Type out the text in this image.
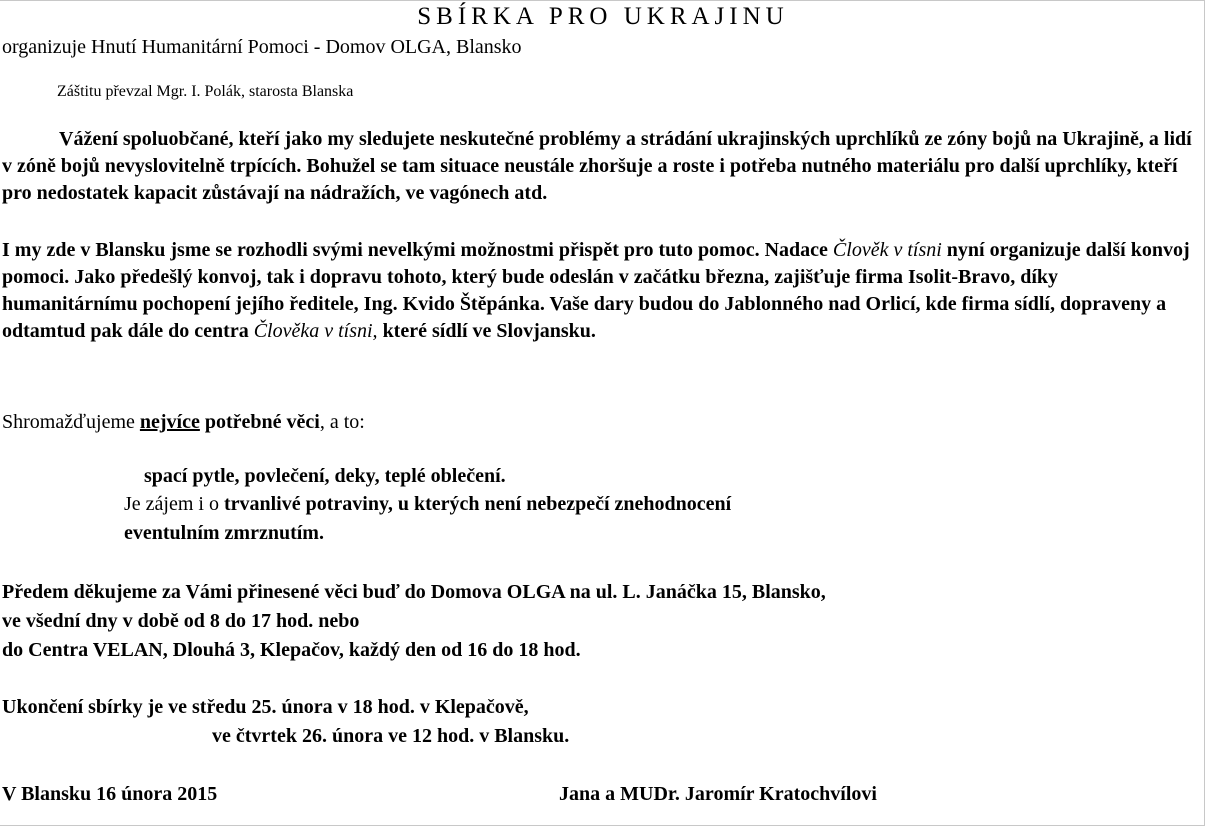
SBÍRKA PRO UKRAJINU
organizuje Hnutí Humanitární Pomoci - Domov OLGA, Blansko
Záštitu převzal Mgr. I. Polák, starosta Blanska

Vážení spoluobčané, kteří jako my sledujete neskutečné problémy a strádání ukrajinských uprchlíků ze zóny bojů na Ukrajině, a lidí v zóně bojů nevyslovitelně trpících. Bohužel se tam situace neustále zhoršuje a roste i potřeba nutného materiálu pro další uprchlíky, kteří pro nedostatek kapacit zůstávají na nádražích, ve vagónech atd.

I my zde v Blansku jsme se rozhodli svými nevelkými možnostmi přispět pro tuto pomoc. Nadace Člověk v tísni nyní organizuje další konvoj pomoci. Jako předešlý konvoj, tak i dopravu tohoto, který bude odeslán v začátku března, zajišťuje firma Isolit-Bravo, díky humanitárnímu pochopení jejího ředitele, Ing. Kvido Štěpánka. Vaše dary budou do Jablonného nad Orlicí, kde firma sídlí, dopraveny a odtamtud pak dále do centra Člověka v tísni, které sídlí ve Slovjansku.

Shromažďujeme nejvíce potřebné věci, a to:
spací pytle, povlečení, deky, teplé oblečení.
Je zájem i o trvanlivé potraviny, u kterých není nebezpečí znehodnocení
eventulním zmrznutím.
Předem děkujeme za Vámi přinesené věci buď do Domova OLGA na ul. L. Janáčka 15, Blansko,
ve všední dny v době od 8 do 17 hod. nebo
do Centra VELAN, Dlouhá 3, Klepačov, každý den od 16 do 18 hod.
Ukončení sbírky je ve středu 25. února v 18 hod. v Klepačově,
ve čtvrtek 26. února ve 12 hod. v Blansku.
V Blansku 16 února 2015	Jana a MUDr. Jaromír Kratochvílovi
